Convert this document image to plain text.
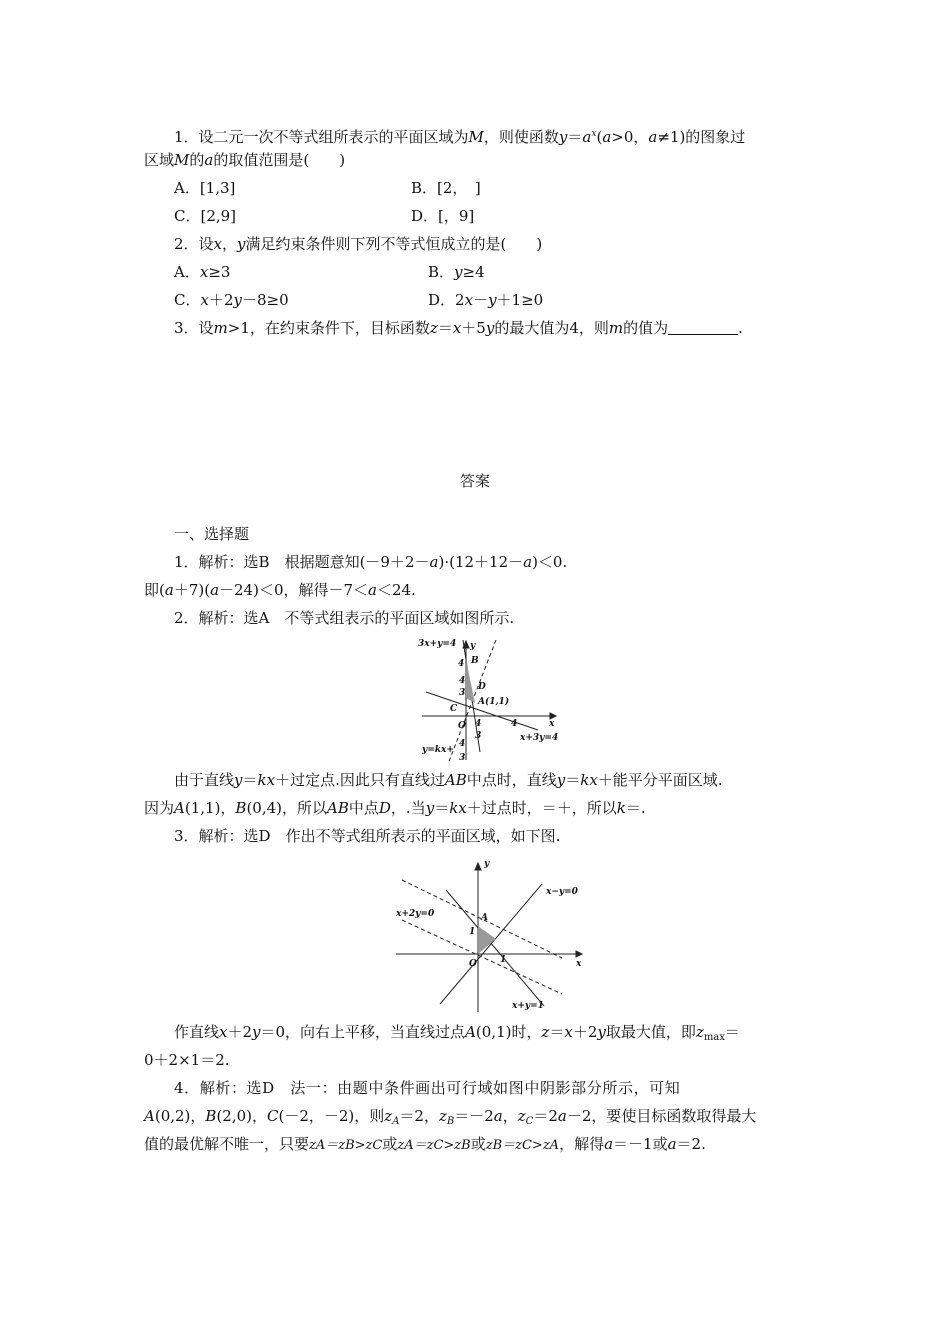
1．设二元一次不等式组所表示的平面区域为M，则使函数$y=a^x(a>0$，a≠1)的图象过
区域M的a的取值范围是(　　)
A．[1,3]	B．[2，　]
C．[2,9]	D．[，9]
2．设x，y满足约束条件则下列不等式恒成立的是(　　)
A．x≥3	B．y≥4
C．x＋2y－8≥0	D．2x－y＋1≥0
3．设m>1，在约束条件下，目标函数z＝x＋5y的最大值为4，则m的值为	.
答案
一、选择题
1．解析：选B　根据题意知(－9＋2－a)·(12＋12－a)＜0.
即(a＋7)(a－24)＜0，解得－7＜a＜24.
2．解析：选A　不等式组表示的平面区域如图所示.
3x+y=4 y
4 B
4
3
D
A(1,1)
C
O 4
3
4	x
x+3y=4
y=kx+
4
3
由于直线y＝kx＋过定点.因此只有直线过AB中点时，直线y＝kx＋能平分平面区域.
因为A(1,1)，B(0,4)，所以AB中点D，.当y＝kx＋过点时，＝＋，所以k＝.
3．解析：选D　作出不等式组所表示的平面区域，如下图.
y
x−y=0
x+2y=0	A
1
1
O	x
x+y=1
作直线x＋2y＝0，向右上平移，当直线过点A(0,1)时，z＝x＋2y取最大值，即$z_{max}=$
0＋2×1＝2.
4．解析：选D　法一：由题中条件画出可行域如图中阴影部分所示，可知
A(0,2)，B(2,0)，C(－2，－2)，则$z_A=2$，$z_B=-2a$，$z_C=2a-2$，要使目标函数取得最大
值的最优解不唯一，只要zA＝zB>zC或zA＝zC>zB或zB＝zC>zA，解得a＝－1或a＝2.
